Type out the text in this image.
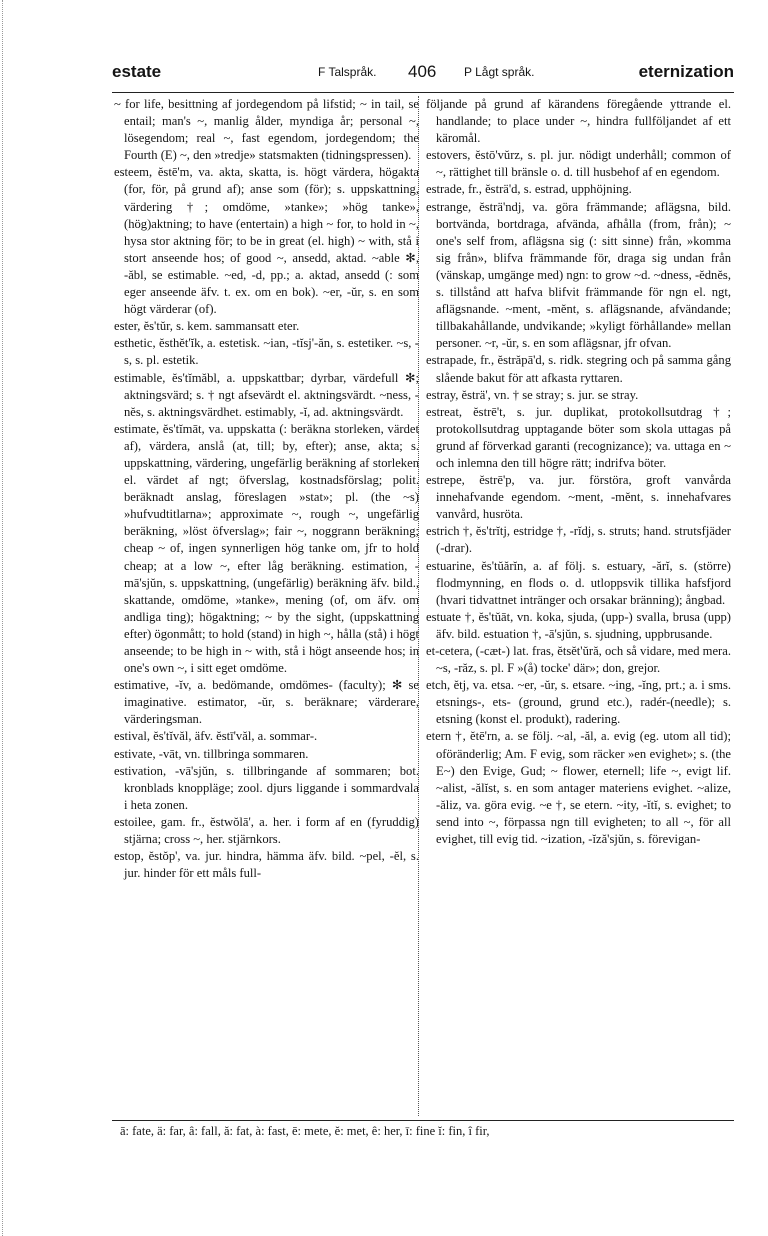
estate	F Talspråk. 406 P Lågt språk.	eternization

~ for life, besittning af jordegendom på lifstid; ~ in tail, se entail; man's ~, manlig ålder, myndiga år; personal ~, lösegendom; real ~, fast egendom, jordegendom; the Fourth (E) ~, den »tredje» statsmakten (tidningspressen).

esteem, ĕstē'm, va. akta, skatta, is. högt värdera, högakta (for, för, på grund af); anse som (för); s. uppskattning, värdering †; omdöme, »tanke»; »hög tanke», (hög)aktning; to have (entertain) a high ~ for, to hold in ~, hysa stor aktning för; to be in great (el. high) ~ with, stå i stort anseende hos; of good ~, ansedd, aktad. ~able ✻, -ăbl, se estimable. ~ed, -d, pp.; a. aktad, ansedd (: som eger anseende äfv. t. ex. om en bok). ~er, -ŭr, s. en som högt värderar (of).

ester, ĕs'tŭr, s. kem. sammansatt eter.

esthetic, ĕsthĕt'ĭk, a. estetisk. ~ian, -tĭsj'-ăn, s. estetiker. ~s, -s, s. pl. estetik.

estimable, ĕs'tĭmăbl, a. uppskattbar; dyrbar, värdefull ✻; aktningsvärd; s. † ngt afsevärdt el. aktningsvärdt. ~ness, -nĕs, s. aktningsvärdhet. estimably, -ĭ, ad. aktningsvärdt.

estimate, ĕs'tĭmāt, va. uppskatta (: beräkna storleken, värdet af), värdera, anslå (at, till; by, efter); anse, akta; s. uppskattning, värdering, ungefärlig beräkning af storleken el. värdet af ngt; öfverslag, kostnadsförslag; polit. beräknadt anslag, föreslagen »stat»; pl. (the ~s) »hufvudtitlarna»; approximate ~, rough ~, ungefärlig beräkning, »löst öfverslag»; fair ~, noggrann beräkning; cheap ~ of, ingen synnerligen hög tanke om, jfr to hold cheap; at a low ~, efter låg beräkning. estimation, -mā'sjŭn, s. uppskattning, (ungefärlig) beräkning äfv. bild., skattande, omdöme, »tanke», mening (of, om äfv. om andliga ting); högaktning; ~ by the sight, (uppskattning efter) ögonmått; to hold (stand) in high ~, hålla (stå) i högt anseende; to be high in ~ with, stå i högt anseende hos; in one's own ~, i sitt eget omdöme.

estimative, -ĭv, a. bedömande, omdömes- (faculty); ✻ se imaginative. estimator, -ŭr, s. beräknare; värderare, värderingsman.

estival, ĕs'tĭvăl, äfv. ĕstī'văl, a. sommar-.

estivate, -vāt, vn. tillbringa sommaren.

estivation, -vā'sjŭn, s. tillbringande af sommaren; bot. kronblads knoppläge; zool. djurs liggande i sommardvala i heta zonen.

estoilee, gam. fr., ĕstwŏlā', a. her. i form af en (fyruddig) stjärna; cross ~, her. stjärnkors.

estop, ĕstŏp', va. jur. hindra, hämma äfv. bild. ~pel, -ĕl, s. jur. hinder för ett måls full-

följande på grund af kärandens föregående yttrande el. handlande; to place under ~, hindra fullföljandet af ett käromål.

estovers, ĕstō'vŭrz, s. pl. jur. nödigt underhåll; common of ~, rättighet till bränsle o. d. till husbehof af en egendom.

estrade, fr., ĕsträ'd, s. estrad, upphöjning.

estrange, ĕsträ'ndj, va. göra främmande; aflägsna, bild. bortvända, bortdraga, afvända, afhålla (from, från); ~ one's self from, aflägsna sig (: sitt sinne) från, »komma sig från», blifva främmande för, draga sig undan från (vänskap, umgänge med) ngn: to grow ~d. ~dness, -ĕdnĕs, s. tillstånd att hafva blifvit främmande för ngn el. ngt, aflägsnande. ~ment, -mĕnt, s. aflägsnande, afvändande; tillbakahållande, undvikande; »kyligt förhållande» mellan personer. ~r, -ŭr, s. en som aflägsnar, jfr ofvan.

estrapade, fr., ĕstrăpā'd, s. ridk. stegring och på samma gång slående bakut för att afkasta ryttaren.

estray, ĕsträ', vn. † se stray; s. jur. se stray.

estreat, ĕstrē't, s. jur. duplikat, protokollsutdrag †; protokollsutdrag upptagande böter som skola uttagas på grund af förverkad garanti (recognizance); va. uttaga en ~ och inlemna den till högre rätt; indrifva böter.

estrepe, ĕstrē'p, va. jur. förstöra, groft vanvårda innehafvande egendom. ~ment, -mĕnt, s. innehafvares vanvård, husröta.

estrich †, ĕs'trĭtj, estridge †, -rĭdj, s. struts; hand. strutsfjäder (-drar).

estuarine, ĕs'tŭărĭn, a. af följ. s. estuary, -ărĭ, s. (större) flodmynning, en flods o. d. utloppsvik tillika hafsfjord (hvari tidvattnet intränger och orsakar bränning); ångbad.

estuate †, ĕs'tŭāt, vn. koka, sjuda, (upp-) svalla, brusa (upp) äfv. bild. estuation †, -ā'sjŭn, s. sjudning, uppbrusande.

et-cetera, (-cæt-) lat. fras, ĕtsĕt'ŭră, och så vidare, med mera. ~s, -răz, s. pl. F »(å) tocke' där»; don, grejor.

etch, ĕtj, va. etsa. ~er, -ŭr, s. etsare. ~ing, -ĭng, prt.; a. i sms. etsnings-, ets- (ground, grund etc.), radér-(needle); s. etsning (konst el. produkt), radering.

etern †, ĕtē'rn, a. se följ. ~al, -ăl, a. evig (eg. utom all tid); oföränderlig; Am. F evig, som räcker »en evighet»; s. (the E~) den Evige, Gud; ~ flower, eternell; life ~, evigt lif. ~alist, -ălĭst, s. en som antager materiens evighet. ~alize, -ăliz, va. göra evig. ~e †, se etern. ~ity, -ĭtĭ, s. evighet; to send into ~, förpassa ngn till evigheten; to all ~, för all evighet, till evig tid. ~ization, -ĭză'sjŭn, s. förevigan-

ā: fate, ä: far, â: fall, ă: fat, à: fast, ē: mete, ĕ: met, ê: her, ī: fine ĭ: fin, î fir,
